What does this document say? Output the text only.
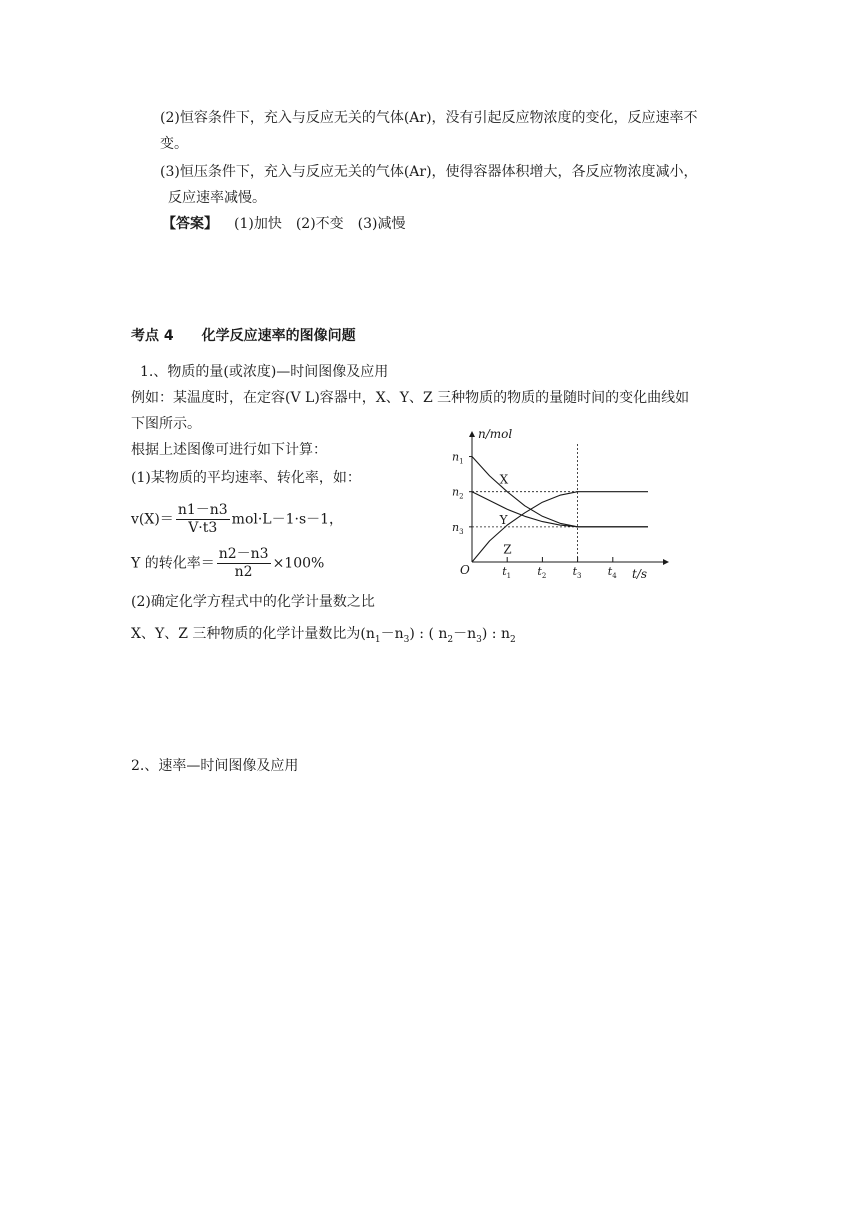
(2)恒容条件下，充入与反应无关的气体(Ar)，没有引起反应物浓度的变化，反应速率不
变。
(3)恒压条件下，充入与反应无关的气体(Ar)，使得容器体积增大，各反应物浓度减小，
反应速率减慢。
【答案】 (1)加快　(2)不变　(3)减慢
考点 4　　化学反应速率的图像问题
1.、物质的量(或浓度)—时间图像及应用
例如：某温度时，在定容(V L)容器中，X、Y、Z 三种物质的物质的量随时间的变化曲线如
下图所示。
根据上述图像可进行如下计算：
(1)某物质的平均速率、转化率，如：
$v(X)= \frac{n1-n3}{V\cdot t3} mol\cdot L-1\cdot s-1$，
Y 的转化率＝ $\frac{n2-n3}{n2} \times 100\%$
(2)确定化学方程式中的化学计量数之比
X、Y、Z 三种物质的化学计量数比为$(n_1-n_3)$ : ( $n_2-n_3$) : $n_2$
2.、速率—时间图像及应用
$n_1$
$n_2$
$n_3$
$t_1$ $t_2$ $t_3$ $t_4$
X
Y
Z
n/mol
t/s
O
